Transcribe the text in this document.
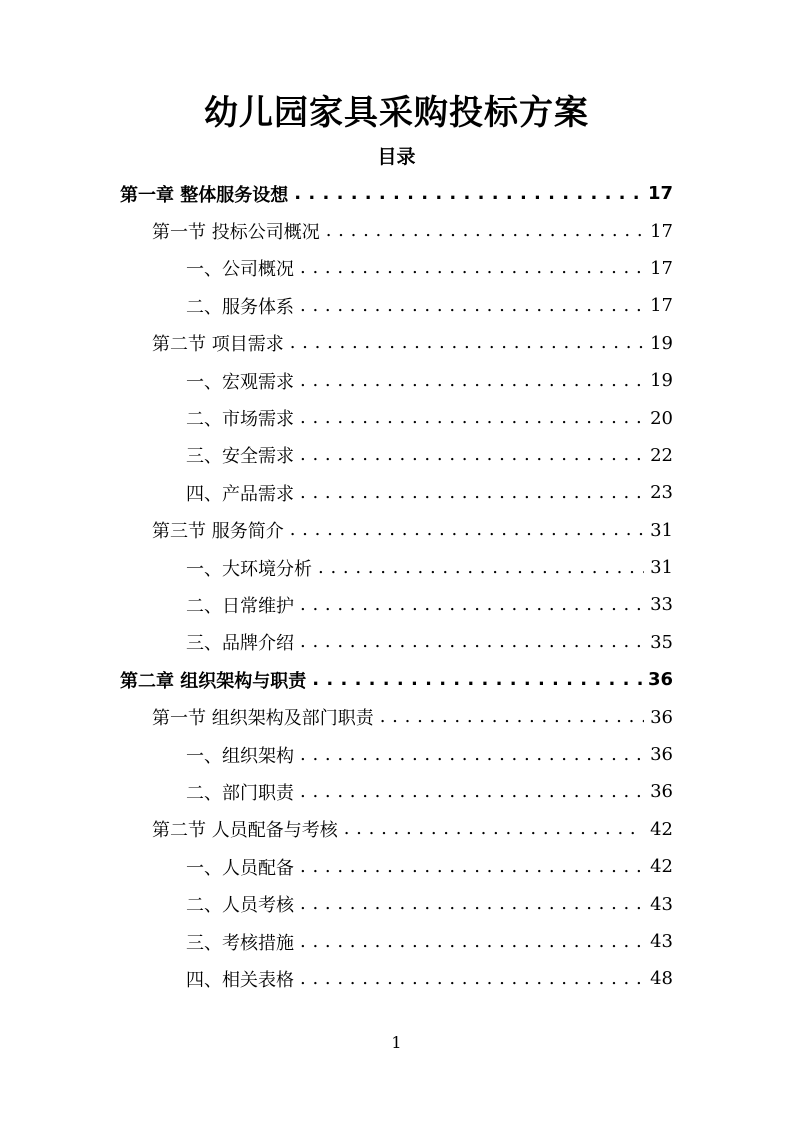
幼儿园家具采购投标方案
目录
第一章 整体服务设想 . . .	17
第一节 投标公司概况 . . .	17
一、公司概况 . . .	17
二、服务体系 . . .	17
第二节 项目需求 . . .	19
一、宏观需求 . . .	19
二、市场需求 . . .	20
三、安全需求 . . .	22
四、产品需求 . . .	23
第三节 服务简介 . . .	31
一、大环境分析 . . .	31
二、日常维护 . . .	33
三、品牌介绍 . . .	35
第二章 组织架构与职责 . . .	36
第一节 组织架构及部门职责 . . .	36
一、组织架构 . . .	36
二、部门职责 . . .	36
第二节 人员配备与考核 . . .	42
一、人员配备 . . .	42
二、人员考核 . . .	43
三、考核措施 . . .	43
四、相关表格 . . .	48
1
